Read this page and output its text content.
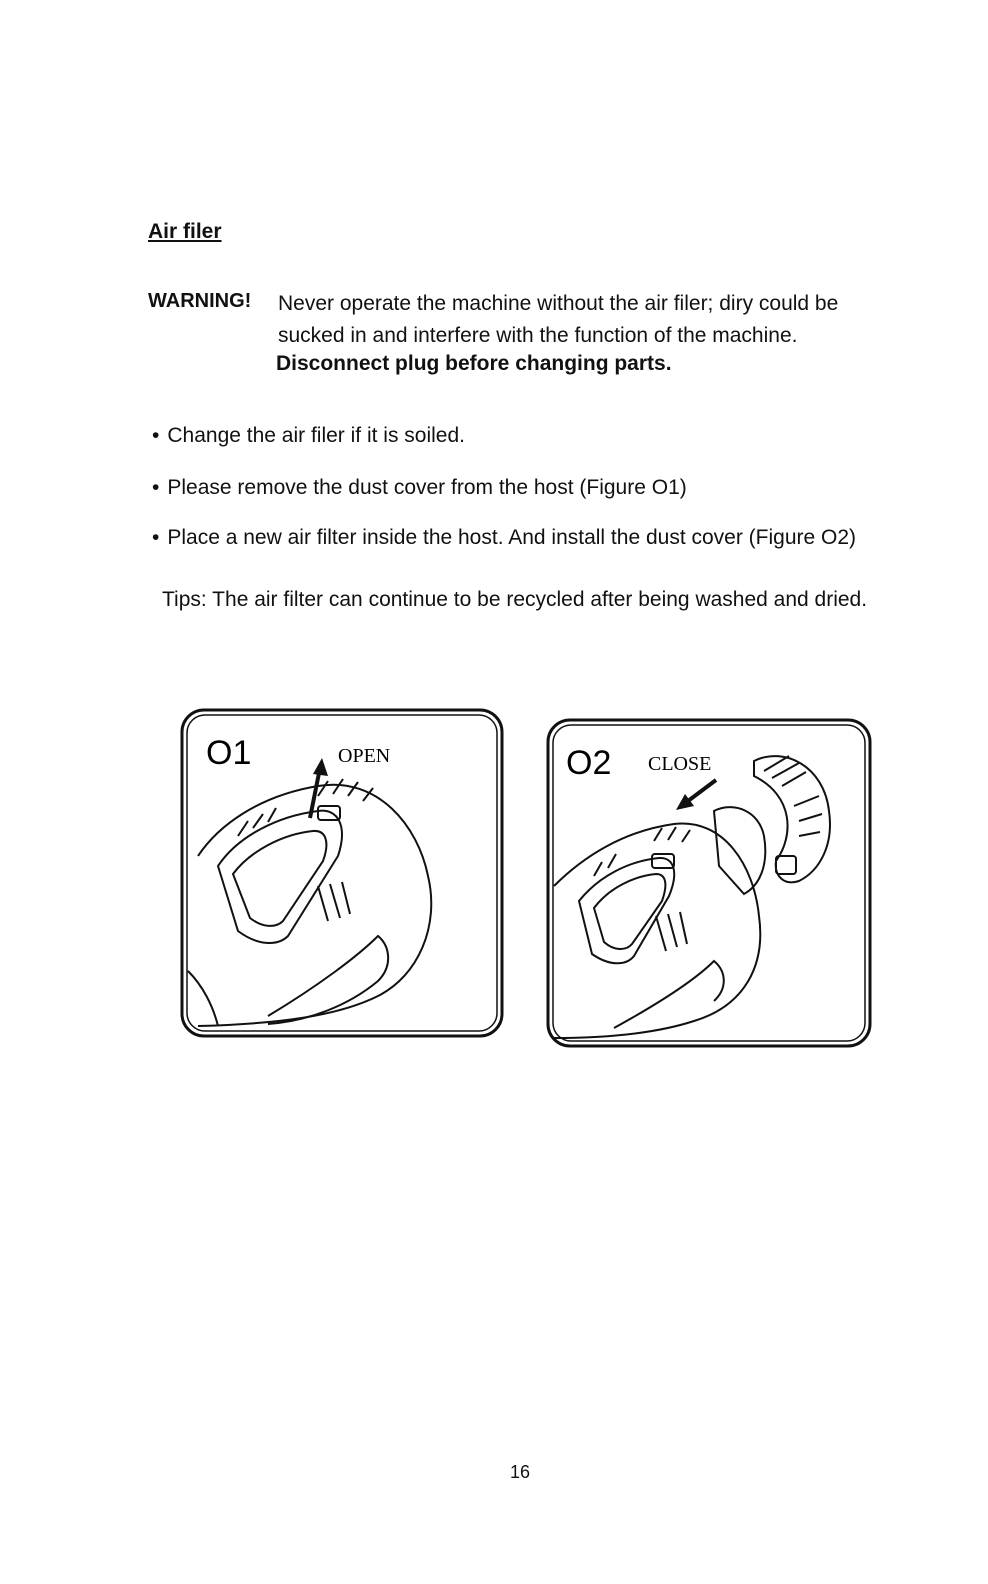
Air filer
WARNING! Never operate the machine without the air filer; diry could be sucked in and interfere with the function of the machine.
Disconnect plug before changing parts.
• Change the air filer if it is soiled.
• Please remove the dust cover from the host (Figure O1)
• Place a new air filter inside the host. And install the dust cover (Figure O2)
Tips: The air filter can continue to be recycled after being washed and dried.
O1	OPEN	O2 CLOSE
16
